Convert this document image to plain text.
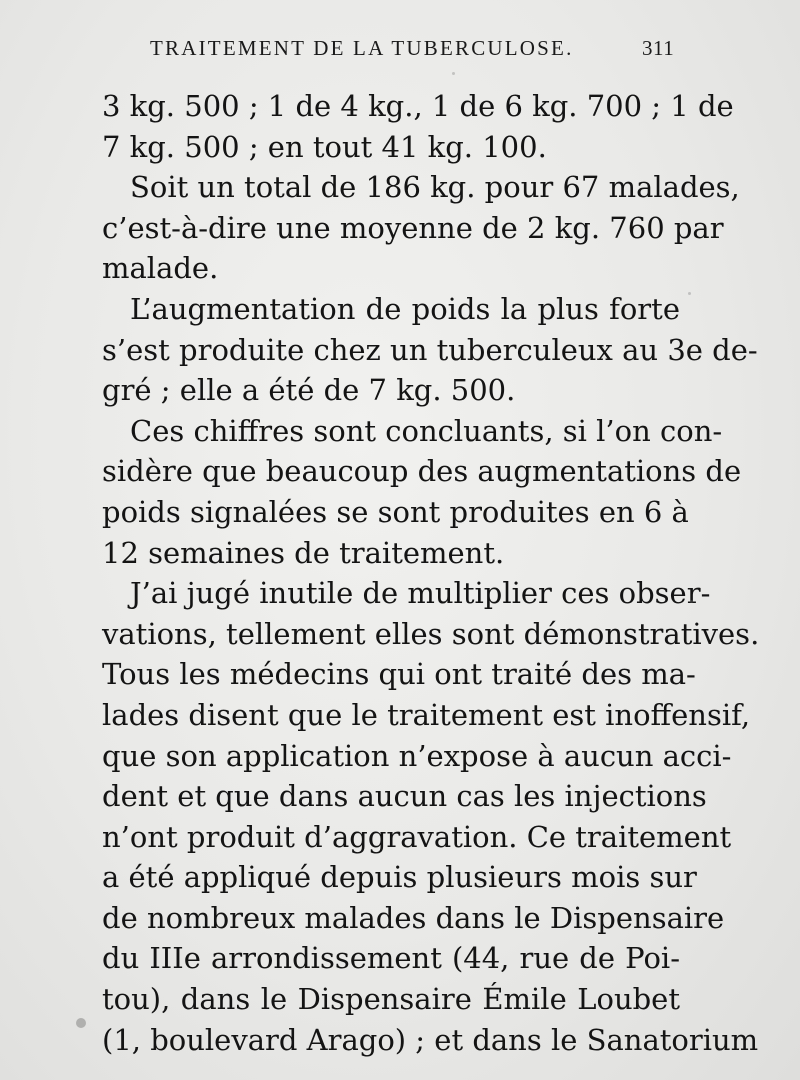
TRAITEMENT DE LA TUBERCULOSE.	311
3 kg. 500 ; 1 de 4 kg., 1 de 6 kg. 700 ; 1 de
7 kg. 500 ; en tout 41 kg. 100.
Soit un total de 186 kg. pour 67 malades,
c’est-à-dire une moyenne de 2 kg. 760 par
malade.
L’augmentation de poids la plus forte
s’est produite chez un tuberculeux au 3e de-
gré ; elle a été de 7 kg. 500.
Ces chiffres sont concluants, si l’on con-
sidère que beaucoup des augmentations de
poids signalées se sont produites en 6 à
12 semaines de traitement.
J’ai jugé inutile de multiplier ces obser-
vations, tellement elles sont démonstratives.
Tous les médecins qui ont traité des ma-
lades disent que le traitement est inoffensif,
que son application n’expose à aucun acci-
dent et que dans aucun cas les injections
n’ont produit d’aggravation. Ce traitement
a été appliqué depuis plusieurs mois sur
de nombreux malades dans le Dispensaire
du IIIe arrondissement (44, rue de Poi-
tou), dans le Dispensaire Émile Loubet
(1, boulevard Arago) ; et dans le Sanatorium
